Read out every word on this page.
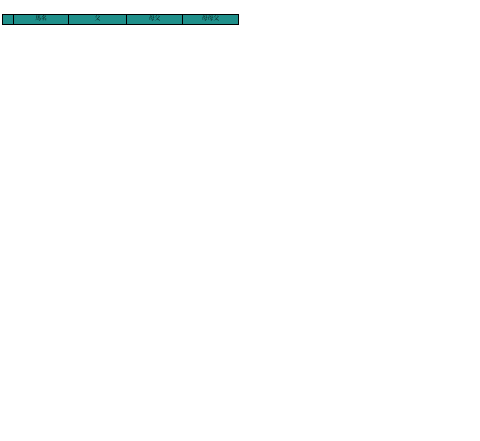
	馬名	父	母父	母母父
